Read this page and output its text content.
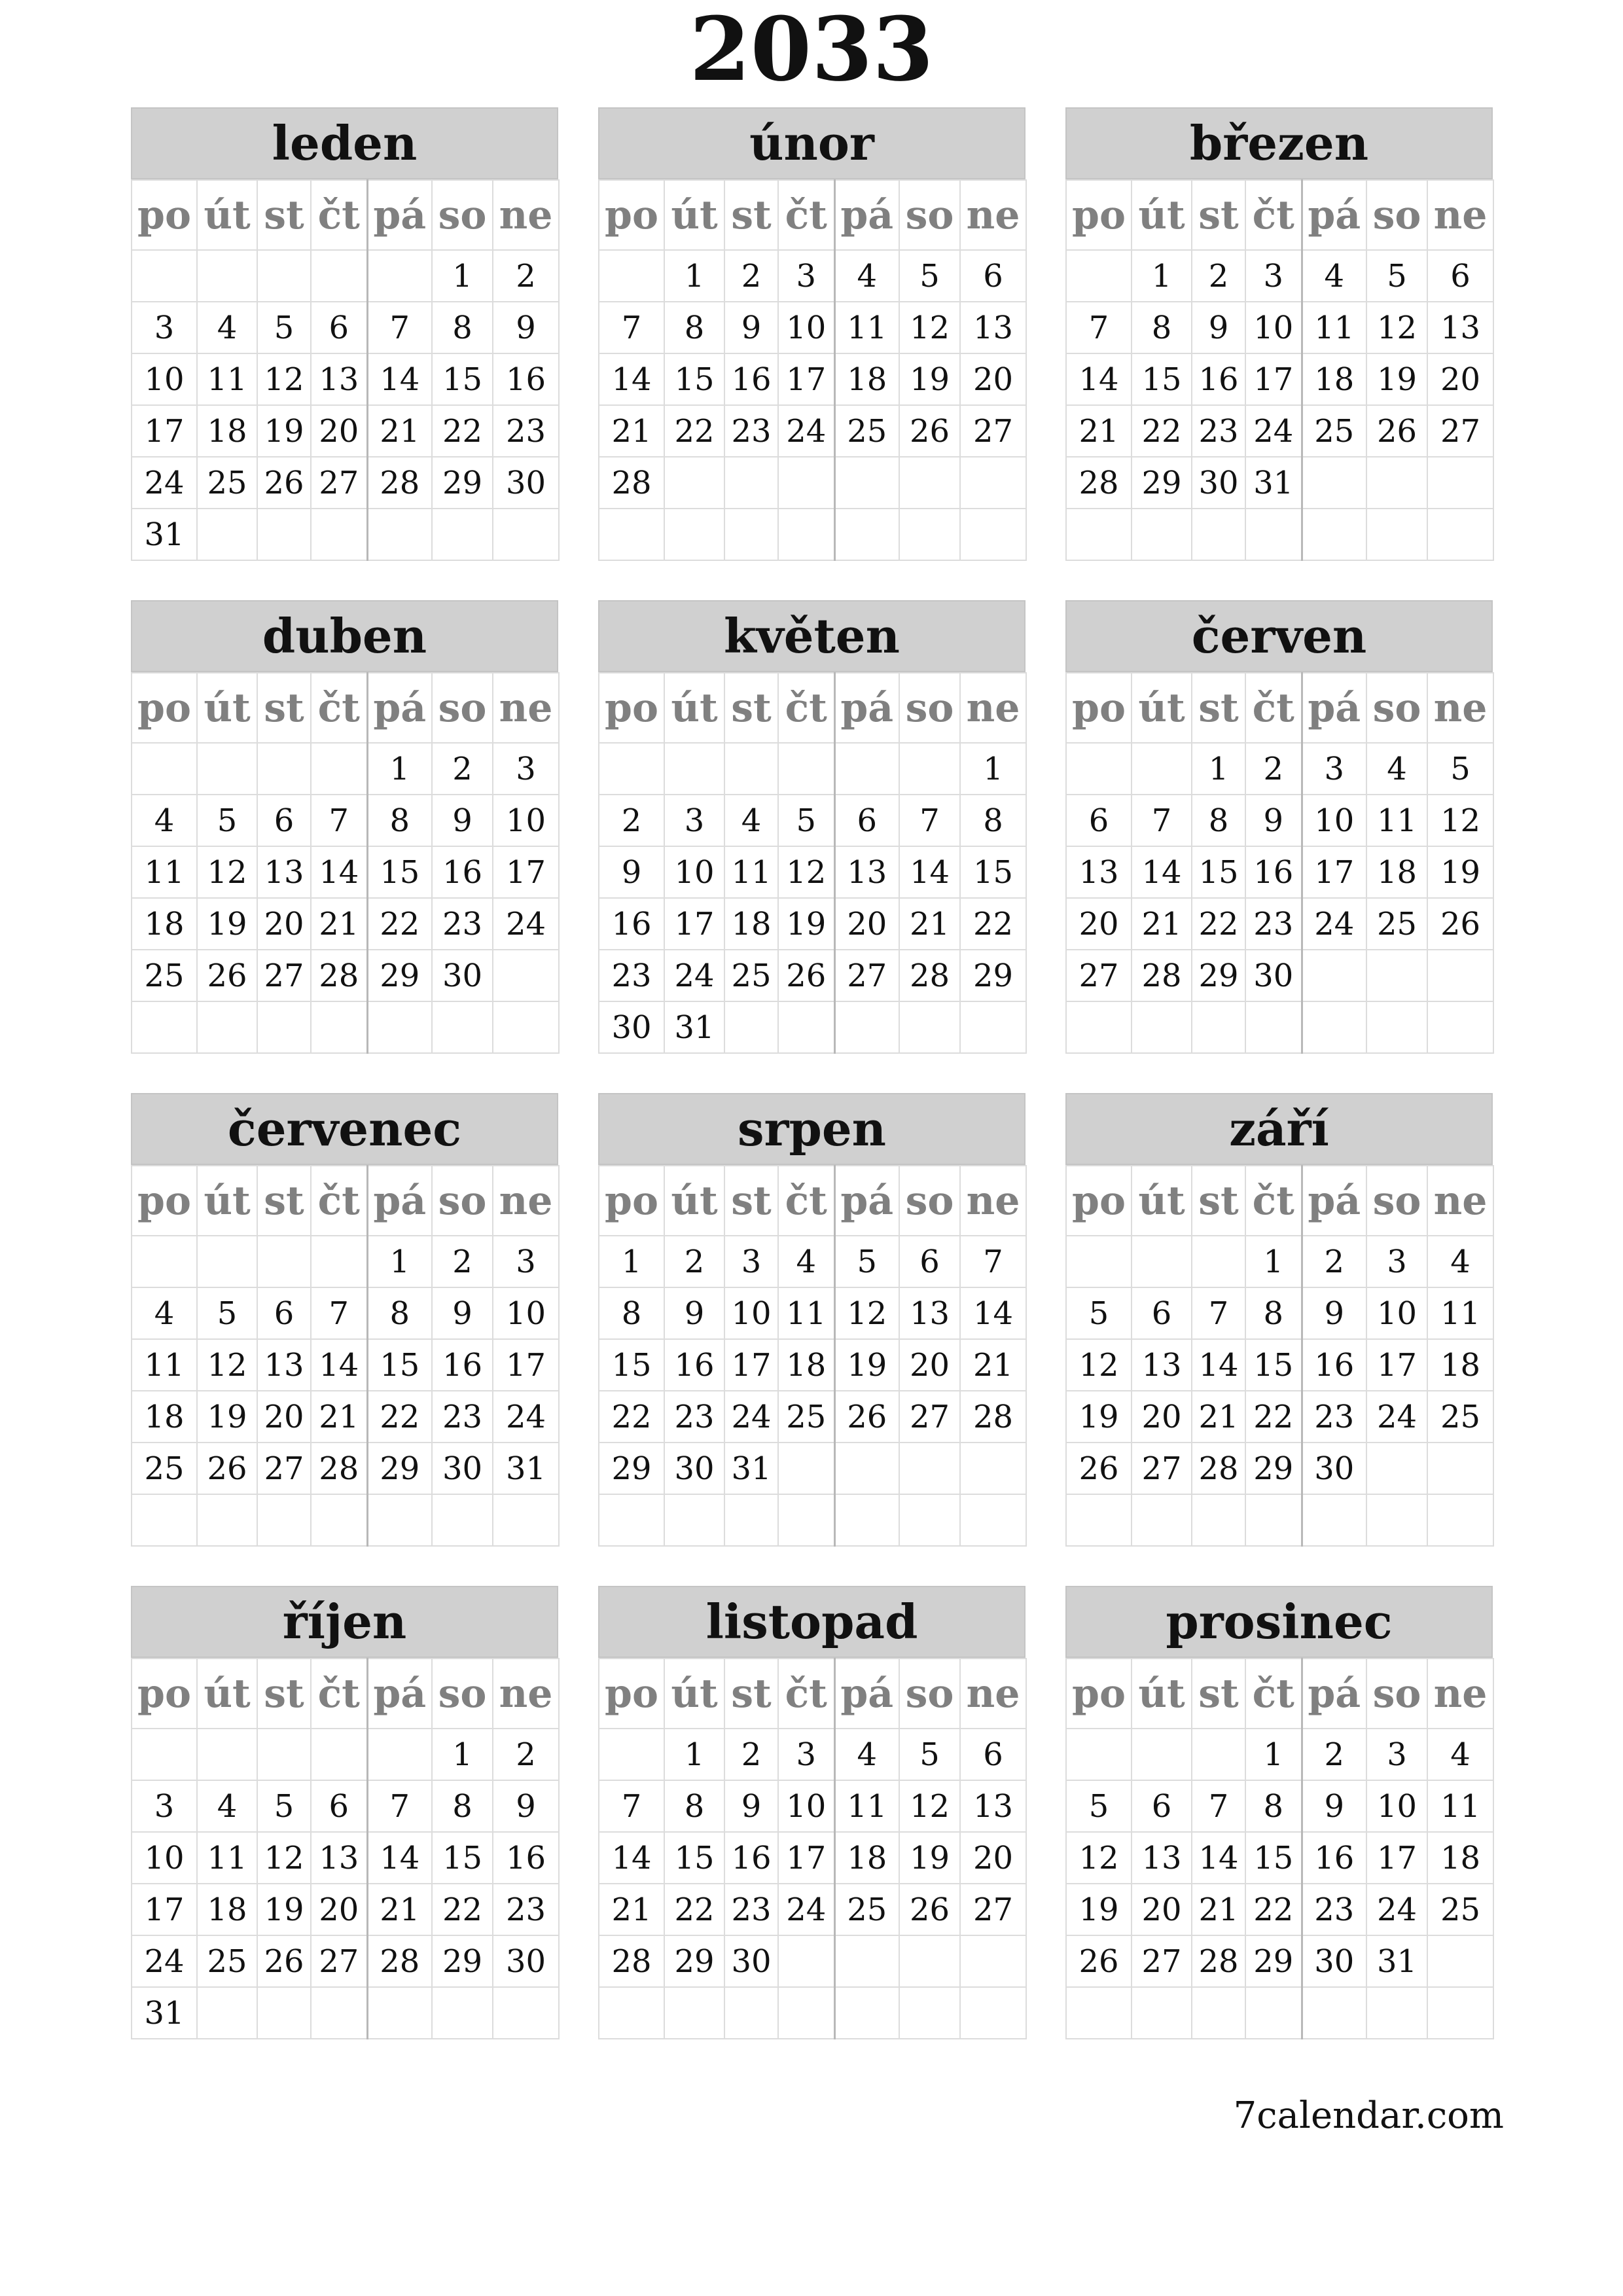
2033
leden
po	út	st	čt	pá	so	ne
					1	2
3	4	5	6	7	8	9
10	11	12	13	14	15	16
17	18	19	20	21	22	23
24	25	26	27	28	29	30
31						
únor
po	út	st	čt	pá	so	ne
	1	2	3	4	5	6
7	8	9	10	11	12	13
14	15	16	17	18	19	20
21	22	23	24	25	26	27
28						

březen
po	út	st	čt	pá	so	ne
	1	2	3	4	5	6
7	8	9	10	11	12	13
14	15	16	17	18	19	20
21	22	23	24	25	26	27
28	29	30	31			

duben
po	út	st	čt	pá	so	ne
				1	2	3
4	5	6	7	8	9	10
11	12	13	14	15	16	17
18	19	20	21	22	23	24
25	26	27	28	29	30	

květen
po	út	st	čt	pá	so	ne
						1
2	3	4	5	6	7	8
9	10	11	12	13	14	15
16	17	18	19	20	21	22
23	24	25	26	27	28	29
30	31					
červen
po	út	st	čt	pá	so	ne
		1	2	3	4	5
6	7	8	9	10	11	12
13	14	15	16	17	18	19
20	21	22	23	24	25	26
27	28	29	30			

červenec
po	út	st	čt	pá	so	ne
				1	2	3
4	5	6	7	8	9	10
11	12	13	14	15	16	17
18	19	20	21	22	23	24
25	26	27	28	29	30	31

srpen
po	út	st	čt	pá	so	ne
1	2	3	4	5	6	7
8	9	10	11	12	13	14
15	16	17	18	19	20	21
22	23	24	25	26	27	28
29	30	31				

září
po	út	st	čt	pá	so	ne
			1	2	3	4
5	6	7	8	9	10	11
12	13	14	15	16	17	18
19	20	21	22	23	24	25
26	27	28	29	30		

říjen
po	út	st	čt	pá	so	ne
					1	2
3	4	5	6	7	8	9
10	11	12	13	14	15	16
17	18	19	20	21	22	23
24	25	26	27	28	29	30
31						
listopad
po	út	st	čt	pá	so	ne
	1	2	3	4	5	6
7	8	9	10	11	12	13
14	15	16	17	18	19	20
21	22	23	24	25	26	27
28	29	30				

prosinec
po	út	st	čt	pá	so	ne
			1	2	3	4
5	6	7	8	9	10	11
12	13	14	15	16	17	18
19	20	21	22	23	24	25
26	27	28	29	30	31	

7calendar.com
